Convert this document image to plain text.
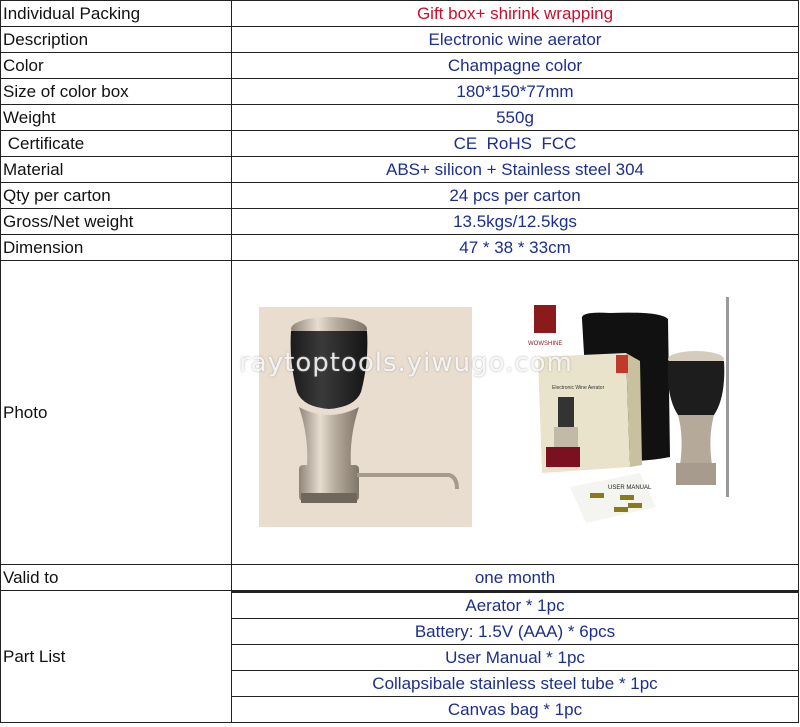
Individual Packing	Gift box+ shirink wrapping
Description	Electronic wine aerator
Color	Champagne color
Size of color box	180*150*77mm
Weight	550g
Certificate	CE  RoHS  FCC
Material	ABS+ silicon + Stainless steel 304
Qty per carton	24 pcs per carton
Gross/Net weight	13.5kgs/12.5kgs
Dimension	47 * 38 * 33cm
Photo	
WOWSHINE
Electronic Wine Aerator
USER MANUAL
raytoptools.yiwugo.com

Valid to	one month
Part List	
Aerator * 1pc
Battery: 1.5V (AAA) * 6pcs
User Manual * 1pc
Collapsibale stainless steel tube * 1pc
Canvas bag * 1pc
